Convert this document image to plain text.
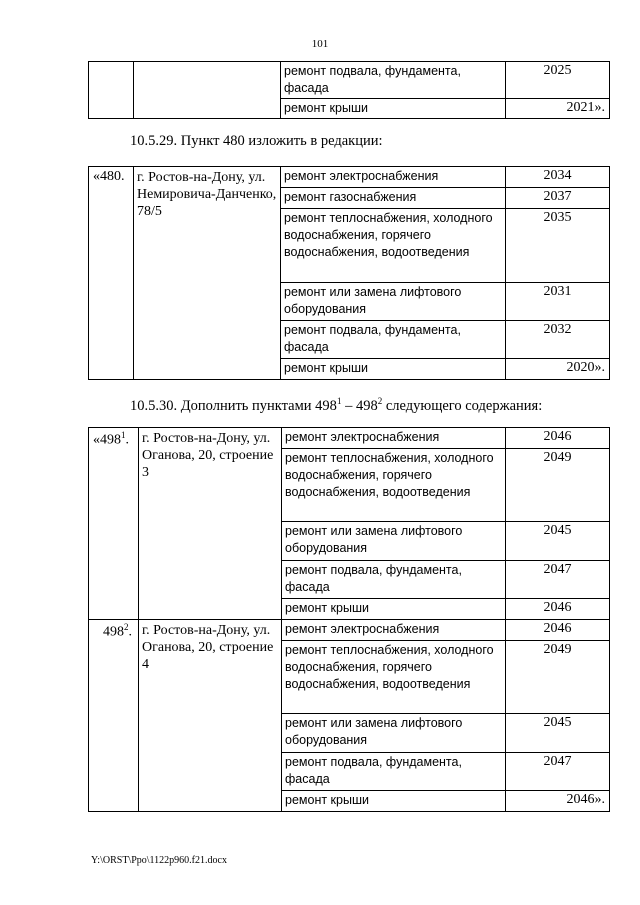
101
		ремонт подвала, фундамента, фасада	2025
		ремонт крыши	2021».
10.5.29. Пункт 480 изложить в редакции:
«480.	г. Ростов-на-Дону, ул. Немировича-Данченко, 78/5	ремонт электроснабжения	2034
		ремонт газоснабжения	2037
		ремонт теплоснабжения, холодного водоснабжения, горячего водоснабжения, водоотведения	2035
		ремонт или замена лифтового оборудования	2031
		ремонт подвала, фундамента, фасада	2032
		ремонт крыши	2020».
10.5.30. Дополнить пунктами $498^1 - 498^2$ следующего содержания:
«$498^1$.	г. Ростов-на-Дону, ул. Оганова, 20, строение 3	ремонт электроснабжения	2046
		ремонт теплоснабжения, холодного водоснабжения, горячего водоснабжения, водоотведения	2049
		ремонт или замена лифтового оборудования	2045
		ремонт подвала, фундамента, фасада	2047
		ремонт крыши	2046
$498^2$.	г. Ростов-на-Дону, ул. Оганова, 20, строение 4	ремонт электроснабжения	2046
		ремонт теплоснабжения, холодного водоснабжения, горячего водоснабжения, водоотведения	2049
		ремонт или замена лифтового оборудования	2045
		ремонт подвала, фундамента, фасада	2047
		ремонт крыши	2046».
Y:\ORST\Ppo\1122p960.f21.docx
